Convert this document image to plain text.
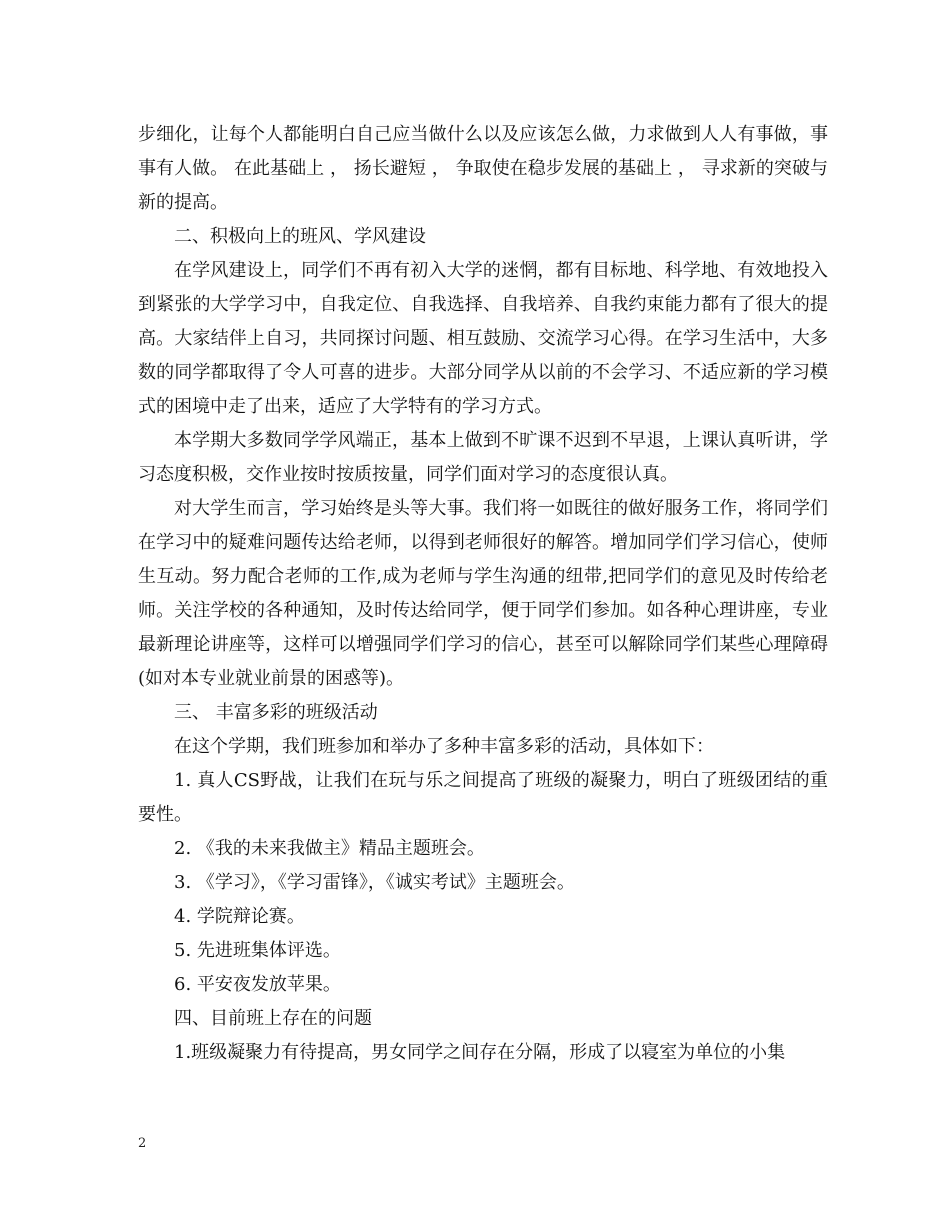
步细化，让每个人都能明白自己应当做什么以及应该怎么做，力求做到人人有事做，事事有人做。 在此基础上 ， 扬长避短 ， 争取使在稳步发展的基础上 ， 寻求新的突破与新的提高。

二、积极向上的班风、学风建设

在学风建设上，同学们不再有初入大学的迷惘，都有目标地、科学地、有效地投入到紧张的大学学习中，自我定位、自我选择、自我培养、自我约束能力都有了很大的提高。大家结伴上自习，共同探讨问题、相互鼓励、交流学习心得。在学习生活中，大多数的同学都取得了令人可喜的进步。大部分同学从以前的不会学习、不适应新的学习模式的困境中走了出来，适应了大学特有的学习方式。

本学期大多数同学学风端正，基本上做到不旷课不迟到不早退，上课认真听讲，学习态度积极，交作业按时按质按量，同学们面对学习的态度很认真。

对大学生而言，学习始终是头等大事。我们将一如既往的做好服务工作，将同学们在学习中的疑难问题传达给老师，以得到老师很好的解答。增加同学们学习信心，使师生互动。努力配合老师的工作,成为老师与学生沟通的纽带,把同学们的意见及时传给老师。关注学校的各种通知，及时传达给同学，便于同学们参加。如各种心理讲座，专业最新理论讲座等，这样可以增强同学们学习的信心，甚至可以解除同学们某些心理障碍(如对本专业就业前景的困惑等)。

三、 丰富多彩的班级活动

在这个学期，我们班参加和举办了多种丰富多彩的活动，具体如下：

1. 真人CS野战，让我们在玩与乐之间提高了班级的凝聚力，明白了班级团结的重要性。

2. 《我的未来我做主》精品主题班会。

3. 《学习》，《学习雷锋》，《诚实考试》主题班会。

4. 学院辩论赛。

5. 先进班集体评选。

6. 平安夜发放苹果。

四、目前班上存在的问题

1.班级凝聚力有待提高，男女同学之间存在分隔，形成了以寝室为单位的小集

2
